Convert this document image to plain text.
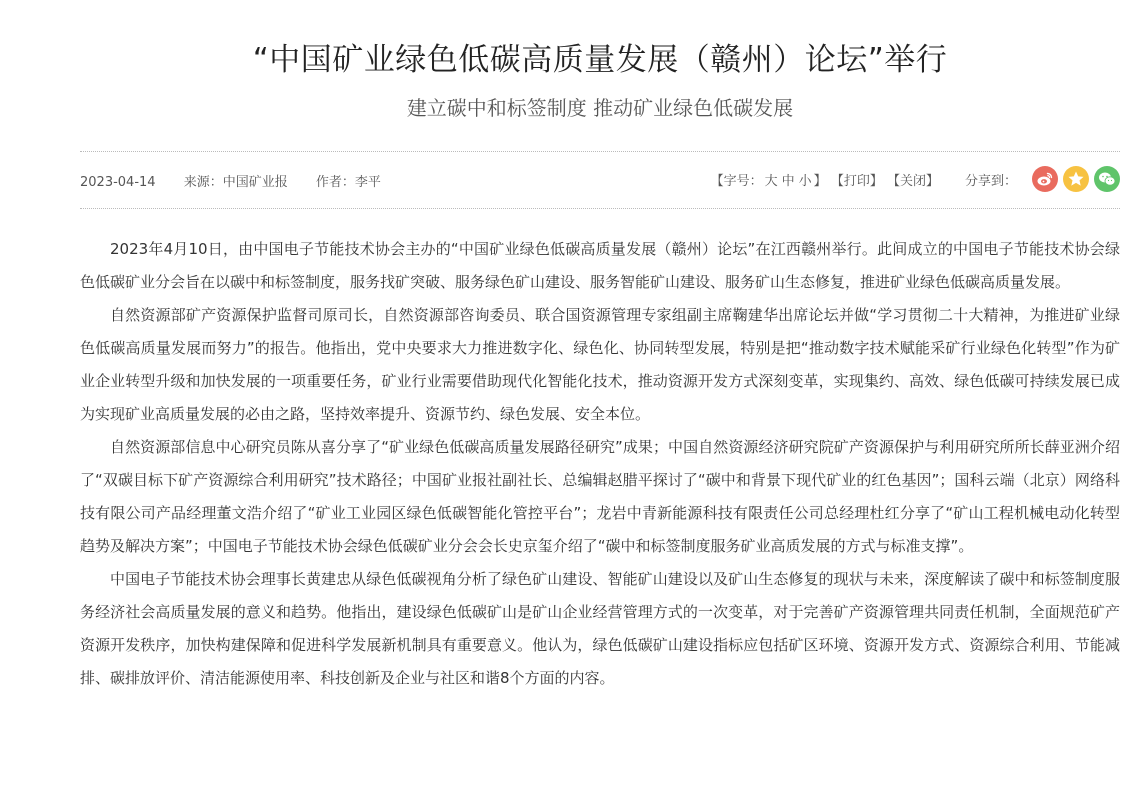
“中国矿业绿色低碳高质量发展（赣州）论坛”举行
建立碳中和标签制度 推动矿业绿色低碳发展
2023-04-14 来源：中国矿业报 作者：李平	【字号： 大 中 小 】 【打印】 【关闭】 分享到：

2023年4月10日，由中国电子节能技术协会主办的“中国矿业绿色低碳高质量发展（赣州）论坛”在江西赣州举行。此间成立的中国电子节能技术协会绿色低碳矿业分会旨在以碳中和标签制度，服务找矿突破、服务绿色矿山建设、服务智能矿山建设、服务矿山生态修复，推进矿业绿色低碳高质量发展。

自然资源部矿产资源保护监督司原司长，自然资源部咨询委员、联合国资源管理专家组副主席鞠建华出席论坛并做“学习贯彻二十大精神，为推进矿业绿色低碳高质量发展而努力”的报告。他指出，党中央要求大力推进数字化、绿色化、协同转型发展，特别是把“推动数字技术赋能采矿行业绿色化转型”作为矿业企业转型升级和加快发展的一项重要任务，矿业行业需要借助现代化智能化技术，推动资源开发方式深刻变革，实现集约、高效、绿色低碳可持续发展已成为实现矿业高质量发展的必由之路，坚持效率提升、资源节约、绿色发展、安全本位。

自然资源部信息中心研究员陈从喜分享了“矿业绿色低碳高质量发展路径研究”成果；中国自然资源经济研究院矿产资源保护与利用研究所所长薛亚洲介绍了“双碳目标下矿产资源综合利用研究”技术路径；中国矿业报社副社长、总编辑赵腊平探讨了“碳中和背景下现代矿业的红色基因”；国科云端（北京）网络科技有限公司产品经理董文浩介绍了“矿业工业园区绿色低碳智能化管控平台”；龙岩中青新能源科技有限责任公司总经理杜红分享了“矿山工程机械电动化转型趋势及解决方案”；中国电子节能技术协会绿色低碳矿业分会会长史京玺介绍了“碳中和标签制度服务矿业高质发展的方式与标准支撑”。

中国电子节能技术协会理事长黄建忠从绿色低碳视角分析了绿色矿山建设、智能矿山建设以及矿山生态修复的现状与未来，深度解读了碳中和标签制度服务经济社会高质量发展的意义和趋势。他指出，建设绿色低碳矿山是矿山企业经营管理方式的一次变革，对于完善矿产资源管理共同责任机制，全面规范矿产资源开发秩序，加快构建保障和促进科学发展新机制具有重要意义。他认为，绿色低碳矿山建设指标应包括矿区环境、资源开发方式、资源综合利用、节能减排、碳排放评价、清洁能源使用率、科技创新及企业与社区和谐8个方面的内容。
